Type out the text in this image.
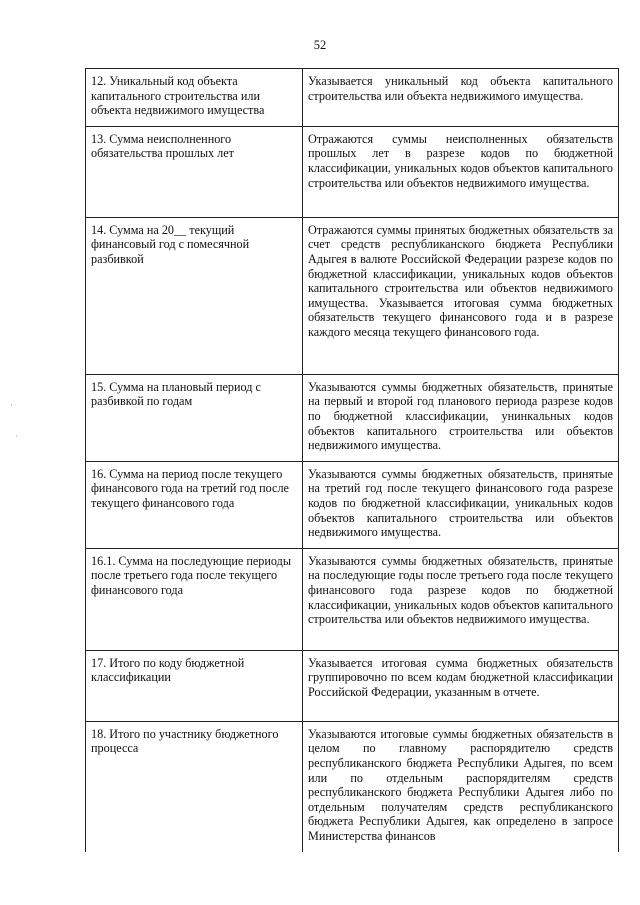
52
·
·
12. Уникальный код объекта капитального строительства или объекта недвижимого имущества	Указывается уникальный код объекта капитального строительства или объекта недвижимого имущества.
13. Сумма неисполненного обязательства прошлых лет	Отражаются суммы неисполненных обязательств прошлых лет в разрезе кодов по бюджетной классификации, уникальных кодов объектов капитального строительства или объектов недвижимого имущества.
14. Сумма на 20__ текущий финансовый год с помесячной разбивкой	Отражаются суммы принятых бюджетных обязательств за счет средств республиканского бюджета Республики Адыгея в валюте Российской Федерации разрезе кодов по бюджетной классификации, уникальных кодов объектов капитального строительства или объектов недвижимого имущества. Указывается итоговая сумма бюджетных обязательств текущего финансового года и в разрезе каждого месяца текущего финансового года.
15. Сумма на плановый период с разбивкой по годам	Указываются суммы бюджетных обязательств, принятые на первый и второй год планового периода разрезе кодов по бюджетной классификации, унинкальных кодов объектов капитального строительства или объектов недвижимого имущества.
16. Сумма на период после текущего финансового года на третий год после текущего финансового года	Указываются суммы бюджетных обязательств, принятые на третий год после текущего финансового года разрезе кодов по бюджетной классификации, уникальных кодов объектов капитального строительства или объектов недвижимого имущества.
16.1. Сумма на последующие периоды после третьего года после текущего финансового года	Указываются суммы бюджетных обязательств, принятые на последующие годы после третьего года после текущего финансового года разрезе кодов по бюджетной классификации, уникальных кодов объектов капитального строительства или объектов недвижимого имущества.
17. Итого по коду бюджетной классификации	Указывается итоговая сумма бюджетных обязательств группировочно по всем кодам бюджетной классификации Российской Федерации, указанным в отчете.
18. Итого по участнику бюджетного процесса	Указываются итоговые суммы бюджетных обязательств в целом по главному распорядителю средств республиканского бюджета Республики Адыгея, по всем или по отдельным распорядителям средств республиканского бюджета Республики Адыгея либо по отдельным получателям средств республиканского бюджета Республики Адыгея, как определено в запросе Министерства финансов
